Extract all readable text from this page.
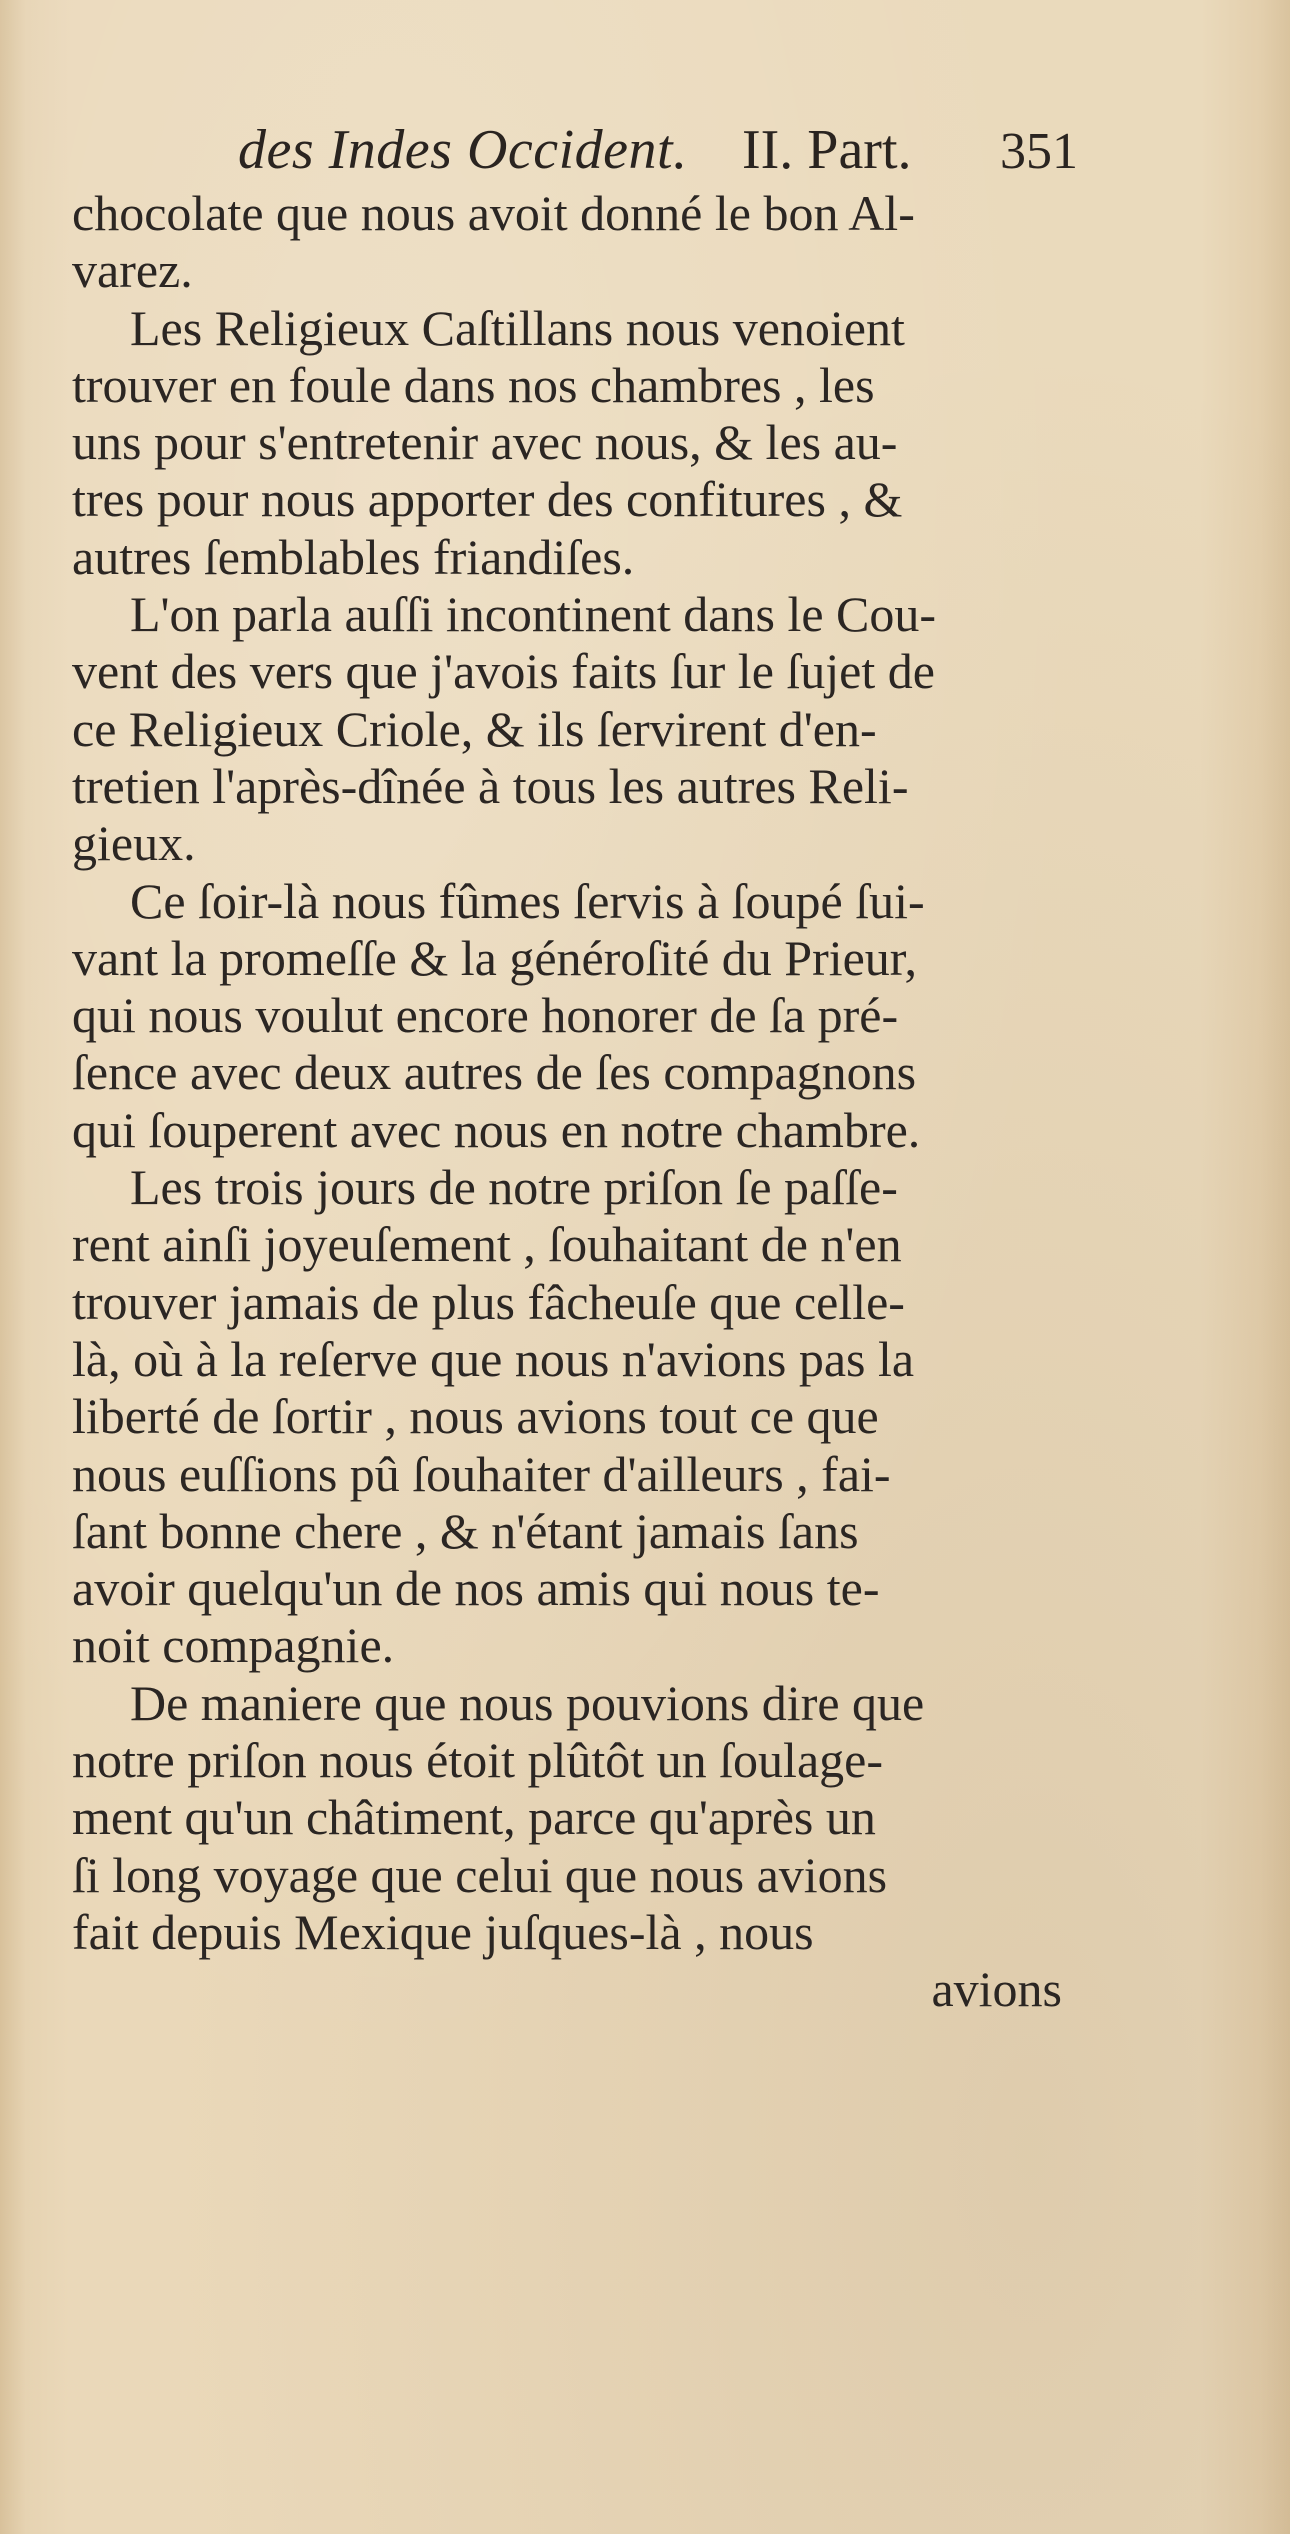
des Indes Occident. II. Part. 351
chocolate que nous avoit donné le bon Al-
varez.
Les Religieux Caſtillans nous venoient
trouver en foule dans nos chambres , les
uns pour s'entretenir avec nous, & les au-
tres pour nous apporter des confitures , &
autres ſemblables friandiſes.
L'on parla auſſi incontinent dans le Cou-
vent des vers que j'avois faits ſur le ſujet de
ce Religieux Criole, & ils ſervirent d'en-
tretien l'après-dînée à tous les autres Reli-
gieux.
Ce ſoir-là nous fûmes ſervis à ſoupé ſui-
vant la promeſſe & la généroſité du Prieur,
qui nous voulut encore honorer de ſa pré-
ſence avec deux autres de ſes compagnons
qui ſouperent avec nous en notre chambre.
Les trois jours de notre priſon ſe paſſe-
rent ainſi joyeuſement , ſouhaitant de n'en
trouver jamais de plus fâcheuſe que celle-
là, où à la reſerve que nous n'avions pas la
liberté de ſortir , nous avions tout ce que
nous euſſions pû ſouhaiter d'ailleurs , fai-
ſant bonne chere , & n'étant jamais ſans
avoir quelqu'un de nos amis qui nous te-
noit compagnie.
De maniere que nous pouvions dire que
notre priſon nous étoit plûtôt un ſoulage-
ment qu'un châtiment, parce qu'après un
ſi long voyage que celui que nous avions
fait depuis Mexique juſques-là , nous
avions
